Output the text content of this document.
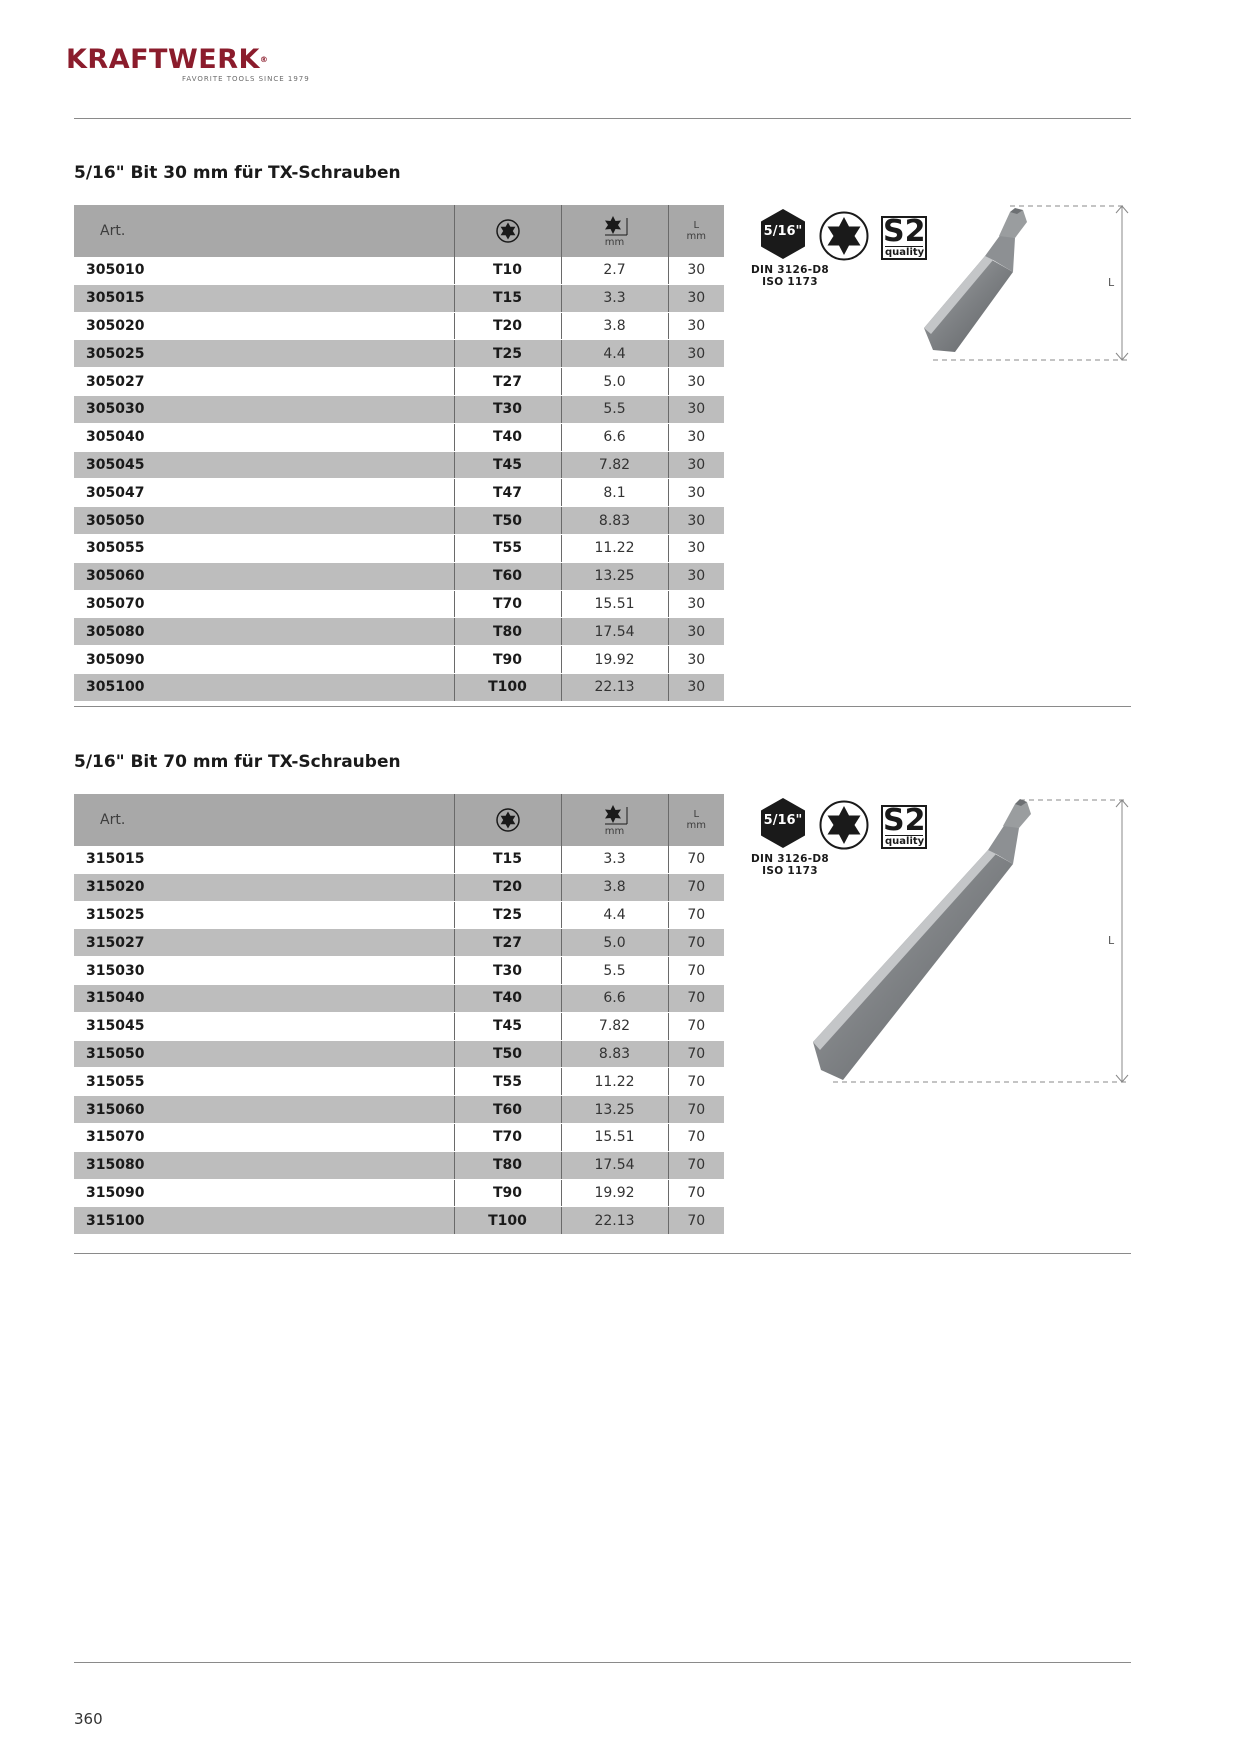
KRAFTWERK®
FAVORITE TOOLS SINCE 1979
5/16" Bit 30 mm für TX-Schrauben
Art.		mm	L
mm

305010	T10	2.7	30
305015	T15	3.3	30
305020	T20	3.8	30
305025	T25	4.4	30
305027	T27	5.0	30
305030	T30	5.5	30
305040	T40	6.6	30
305045	T45	7.82	30
305047	T47	8.1	30
305050	T50	8.83	30
305055	T55	11.22	30
305060	T60	13.25	30
305070	T70	15.51	30
305080	T80	17.54	30
305090	T90	19.92	30
305100	T100	22.13	30
5/16"	S2
quality
DIN 3126-D8
ISO 1173	L
5/16" Bit 70 mm für TX-Schrauben
Art.		mm	L
mm

315015	T15	3.3	70
315020	T20	3.8	70
315025	T25	4.4	70
315027	T27	5.0	70
315030	T30	5.5	70
315040	T40	6.6	70
315045	T45	7.82	70
315050	T50	8.83	70
315055	T55	11.22	70
315060	T60	13.25	70
315070	T70	15.51	70
315080	T80	17.54	70
315090	T90	19.92	70
315100	T100	22.13	70
5/16"	S2
quality
DIN 3126-D8
ISO 1173
L
360
